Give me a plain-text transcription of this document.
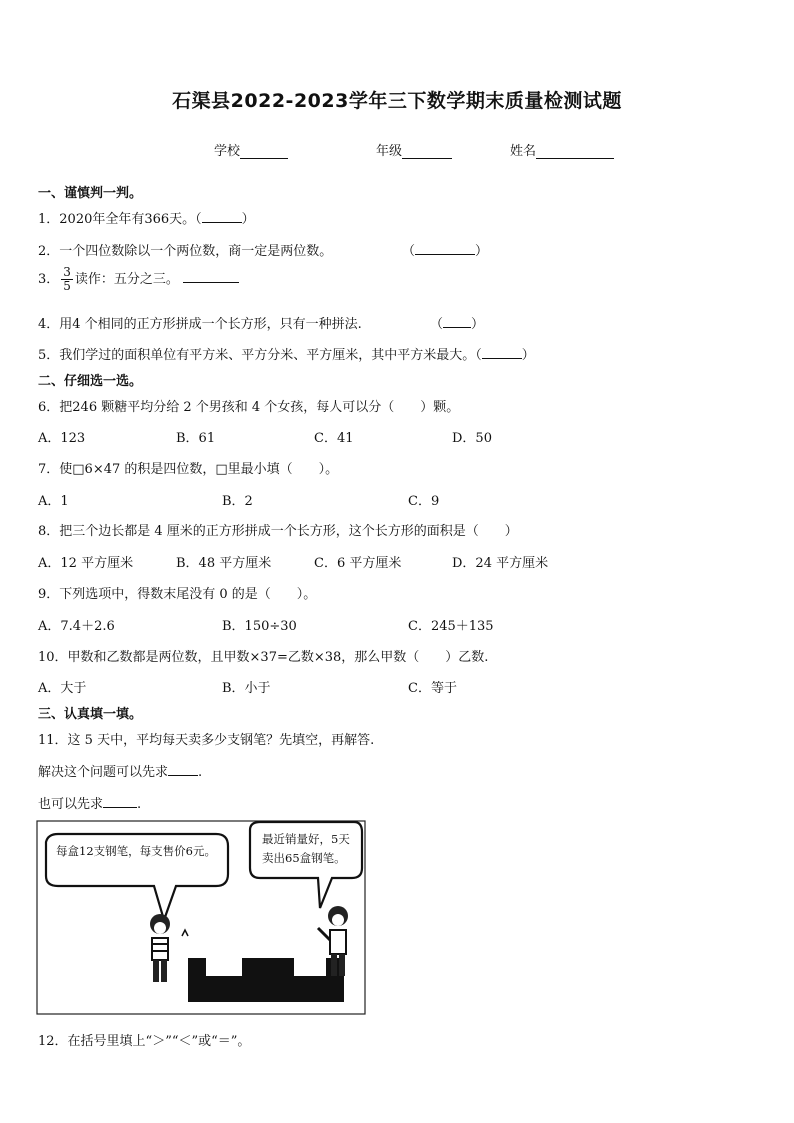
石渠县2022-2023学年三下数学期末质量检测试题
学校	年级	姓名
一、谨慎判一判。
1．2020年全年有366天。（	）
2．一个四位数除以一个两位数，商一定是两位数。	（	）
3． $\frac{3}{5}$ 读作：五分之三。
4．用4 个相同的正方形拼成一个长方形，只有一种拼法.	（ ）
5．我们学过的面积单位有平方米、平方分米、平方厘米，其中平方米最大。（	）
二、仔细选一选。
6．把246 颗糖平均分给 2 个男孩和 4 个女孩，每人可以分（　　）颗。
A．123	B．61	C．41	D．50
7．使□6×47 的积是四位数，□里最小填（　　）。
A．1	B．2	C．9
8．把三个边长都是 4 厘米的正方形拼成一个长方形，这个长方形的面积是（　　）
A．12 平方厘米	B．48 平方厘米	C．6 平方厘米	D．24 平方厘米
9．下列选项中，得数末尾没有 0 的是（　　）。
A．7.4＋2.6	B．150÷30	C．245＋135
10．甲数和乙数都是两位数，且甲数×37=乙数×38，那么甲数（　　）乙数.
A．大于	B．小于	C．等于
三、认真填一填。
11．这 5 天中，平均每天卖多少支钢笔？先填空，再解答.
解决这个问题可以先求 .
也可以先求	.
每盒12支钢笔，每支售价6元。
最近销量好，5天卖出65盒钢笔。
12．在括号里填上“＞”“＜”或“＝”。
